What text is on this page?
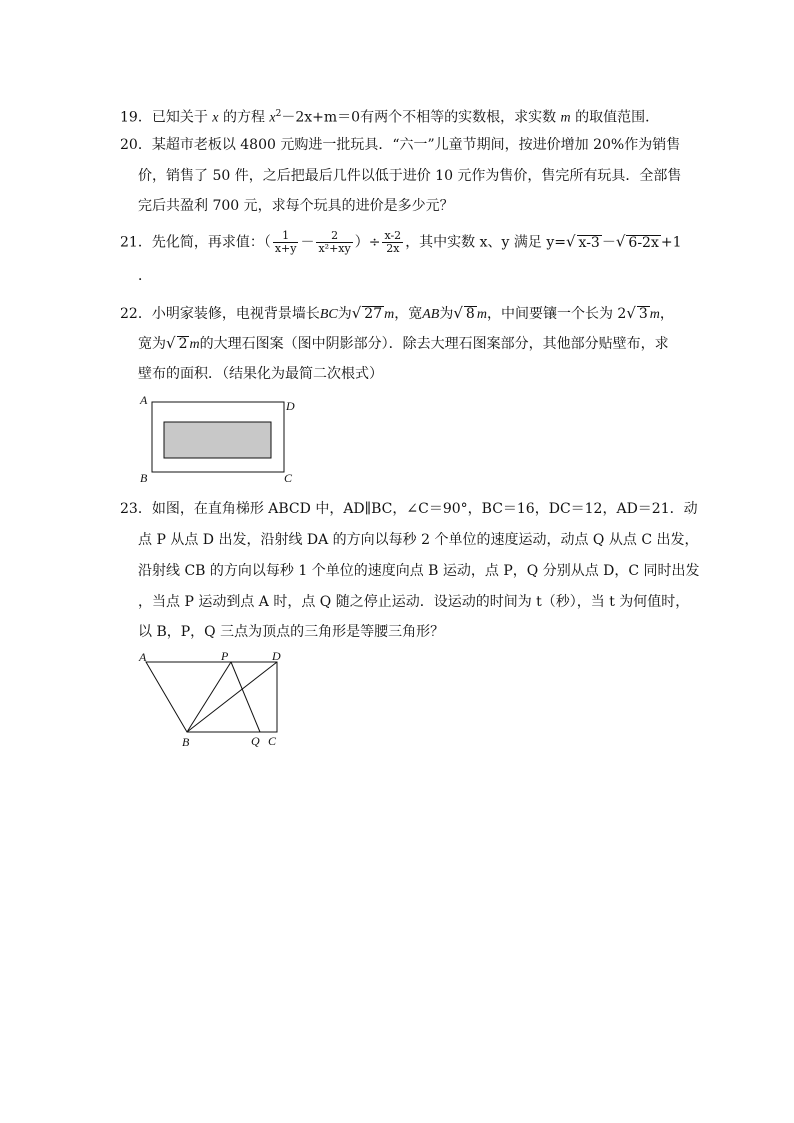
19．已知关于 x 的方程 $x^2-2x+m=0$有两个不相等的实数根，求实数 m 的取值范围．
20．某超市老板以 4800 元购进一批玩具．“六一”儿童节期间，按进价增加 20%作为销售
价，销售了 50 件，之后把最后几件以低于进价 10 元作为售价，售完所有玩具．全部售
完后共盈利 700 元，求每个玩具的进价是多少元？
21．先化简，再求值：（ $\frac{1}{x+y} - \frac{2}{\text{x²+xy}}$ ）÷ $\frac{x-2}{2x}$ ，其中实数 x、y 满足 y=√ x-3 －√ 6-2x +1
．
22．小明家装修，电视背景墙长BC为√ 27 m，宽AB为√ 8 m，中间要镶一个长为 2√ 3 m，
宽为√ 2 m的大理石图案（图中阴影部分）．除去大理石图案部分，其他部分贴壁布，求
壁布的面积．（结果化为最简二次根式）
A	D
B	C
23．如图，在直角梯形 ABCD 中，AD∥BC，∠C＝90°，BC＝16，DC＝12，AD＝21．动
点 P 从点 D 出发，沿射线 DA 的方向以每秒 2 个单位的速度运动，动点 Q 从点 C 出发，
沿射线 CB 的方向以每秒 1 个单位的速度向点 B 运动，点 P，Q 分别从点 D，C 同时出发
，当点 P 运动到点 A 时，点 Q 随之停止运动．设运动的时间为 t（秒），当 t 为何值时，
以 B，P，Q 三点为顶点的三角形是等腰三角形？
A	P	D
B	Q C
